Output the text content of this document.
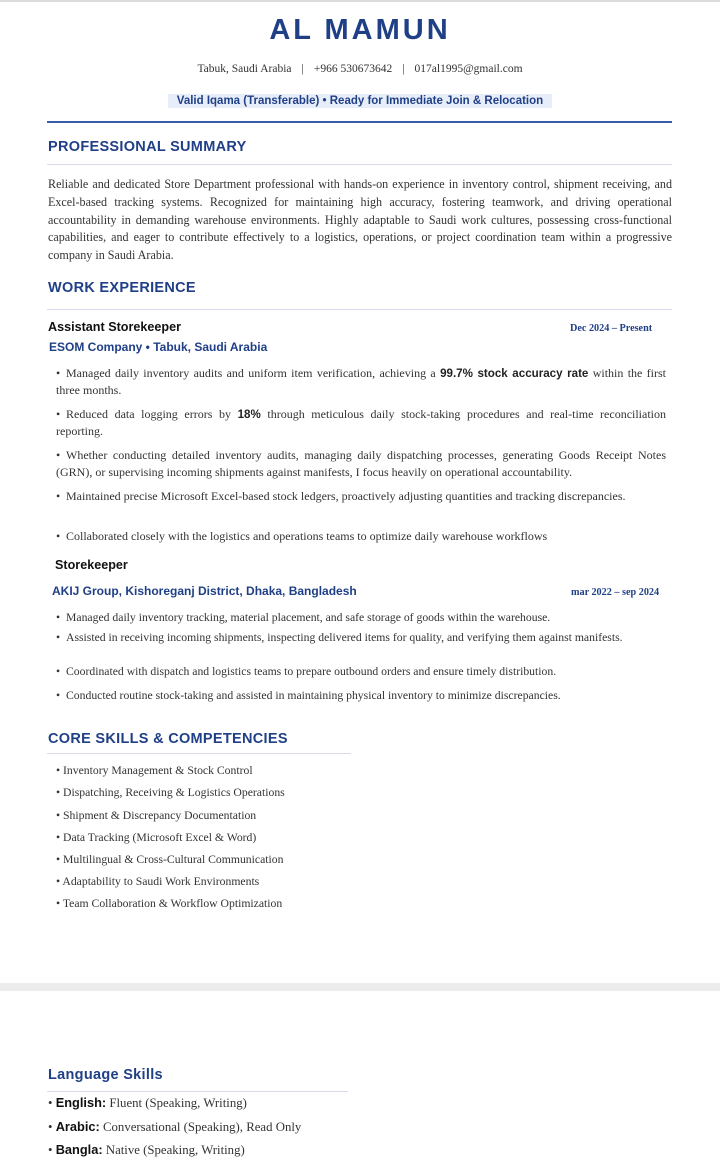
AL MAMUN
Tabuk, Saudi Arabia | +966 530673642 | 017al1995@gmail.com
Valid Iqama (Transferable) • Ready for Immediate Join & Relocation
PROFESSIONAL SUMMARY
Reliable and dedicated Store Department professional with hands-on experience in inventory control, shipment receiving, and Excel-based tracking systems. Recognized for maintaining high accuracy, fostering teamwork, and driving operational accountability in demanding warehouse environments. Highly adaptable to Saudi work cultures, possessing cross-functional capabilities, and eager to contribute effectively to a logistics, operations, or project coordination team within a progressive company in Saudi Arabia.
WORK EXPERIENCE
Assistant Storekeeper	Dec 2024 – Present
ESOM Company • Tabuk, Saudi Arabia
• Managed daily inventory audits and uniform item verification, achieving a 99.7% stock accuracy rate within the first three months.
• Reduced data logging errors by 18% through meticulous daily stock-taking procedures and real-time reconciliation reporting.
• Whether conducting detailed inventory audits, managing daily dispatching processes, generating Goods Receipt Notes (GRN), or supervising incoming shipments against manifests, I focus heavily on operational accountability.
• Maintained precise Microsoft Excel-based stock ledgers, proactively adjusting quantities and tracking discrepancies.
• Collaborated closely with the logistics and operations teams to optimize daily warehouse workflows
Storekeeper
AKIJ Group, Kishoreganj District, Dhaka, Bangladesh	mar 2022 – sep 2024
• Managed daily inventory tracking, material placement, and safe storage of goods within the warehouse.
• Assisted in receiving incoming shipments, inspecting delivered items for quality, and verifying them against manifests.
• Coordinated with dispatch and logistics teams to prepare outbound orders and ensure timely distribution.
• Conducted routine stock-taking and assisted in maintaining physical inventory to minimize discrepancies.
CORE SKILLS & COMPETENCIES
• Inventory Management & Stock Control
• Dispatching, Receiving & Logistics Operations
• Shipment & Discrepancy Documentation
• Data Tracking (Microsoft Excel & Word)
• Multilingual & Cross-Cultural Communication
• Adaptability to Saudi Work Environments
• Team Collaboration & Workflow Optimization
Language Skills
• English: Fluent (Speaking, Writing)
• Arabic: Conversational (Speaking), Read Only
• Bangla: Native (Speaking, Writing)
